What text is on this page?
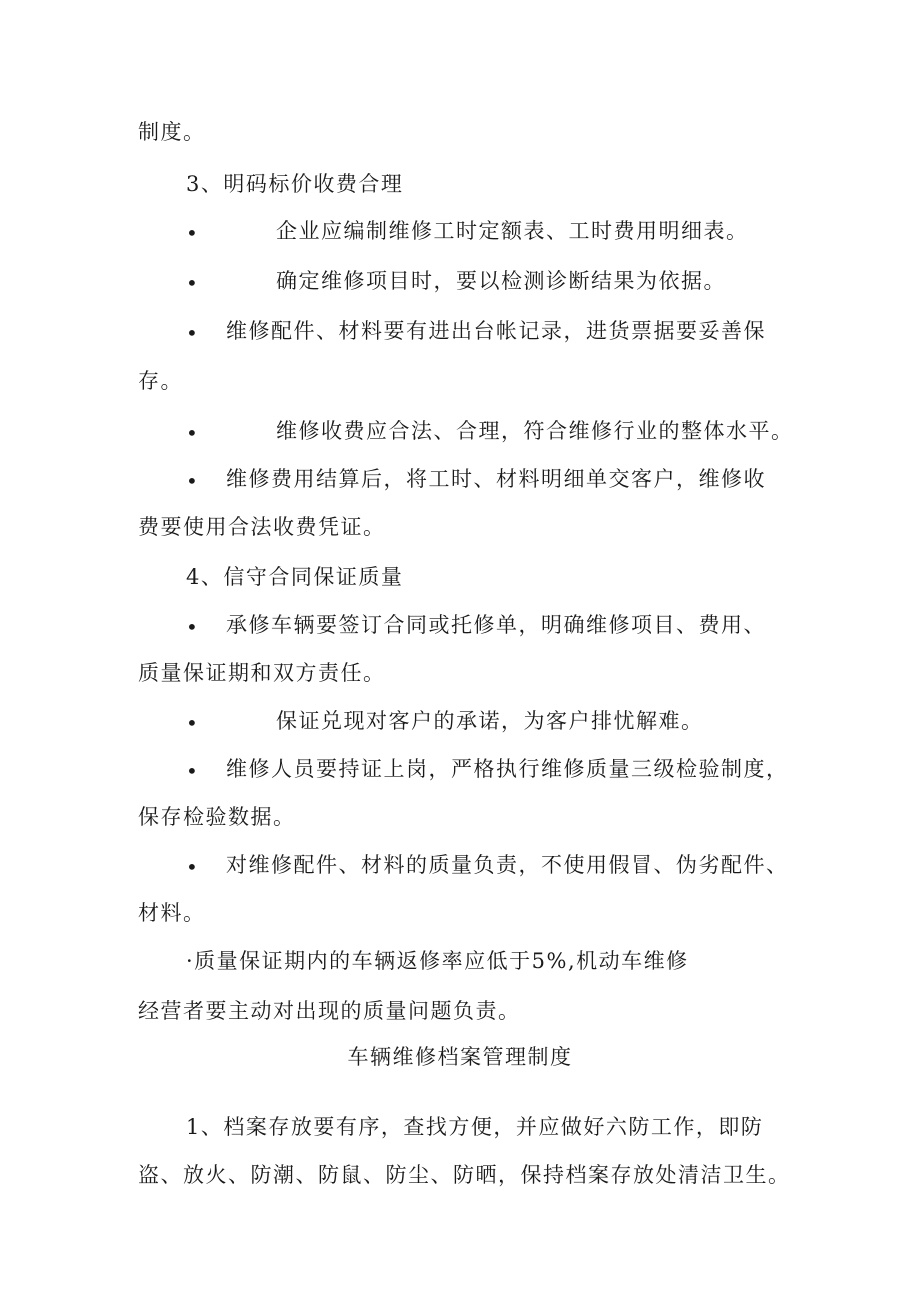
制度。
3、明码标价收费合理
•	企业应编制维修工时定额表、工时费用明细表。
•	确定维修项目时，要以检测诊断结果为依据。
• 维修配件、材料要有进出台帐记录，进货票据要妥善保
存。
•	维修收费应合法、合理，符合维修行业的整体水平。
• 维修费用结算后，将工时、材料明细单交客户，维修收
费要使用合法收费凭证。
4、信守合同保证质量
• 承修车辆要签订合同或托修单，明确维修项目、费用、
质量保证期和双方责任。
•	保证兑现对客户的承诺，为客户排忧解难。
• 维修人员要持证上岗，严格执行维修质量三级检验制度，
保存检验数据。
• 对维修配件、材料的质量负责，不使用假冒、伪劣配件、
材料。
·质量保证期内的车辆返修率应低于5%,机动车维修
经营者要主动对出现的质量问题负责。
车辆维修档案管理制度
1、档案存放要有序，查找方便，并应做好六防工作，即防
盗、放火、防潮、防鼠、防尘、防晒，保持档案存放处清洁卫生。
